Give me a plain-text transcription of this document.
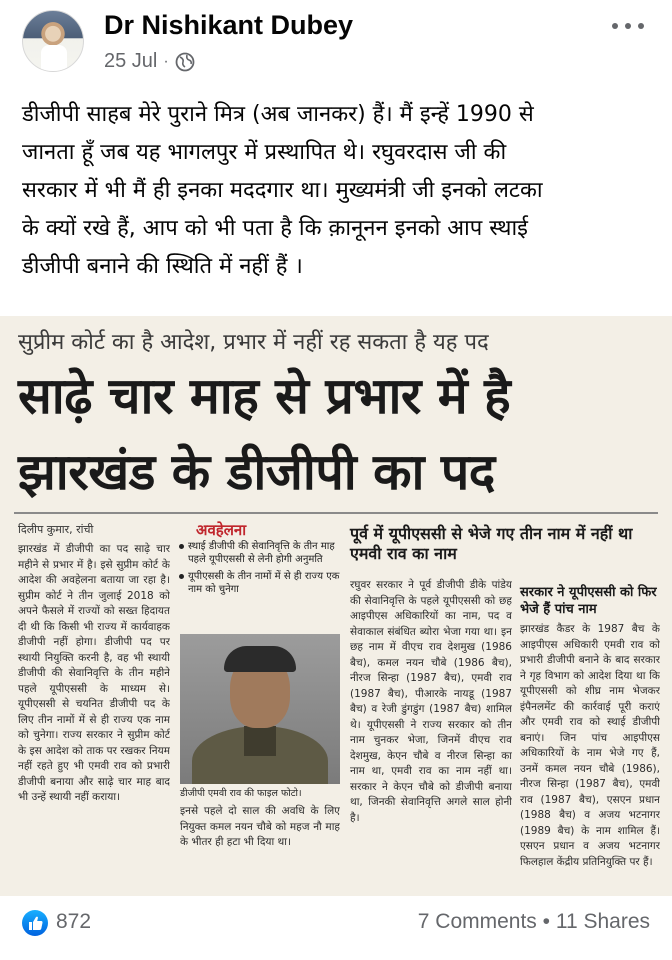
Dr Nishikant Dubey
25 Jul ·
डीजीपी साहब मेरे पुराने मित्र (अब जानकर) हैं। मैं इन्हें 1990 से
जानता हूँ जब यह भागलपुर में प्रस्थापित थे। रघुवरदास जी की
सरकार में भी मैं ही इनका मददगार था। मुख्यमंत्री जी इनको लटका
के क्यों रखे हैं, आप को भी पता है कि क़ानूनन इनको आप स्थाई
डीजीपी बनाने की स्थिति में नहीं हैं ।
सुप्रीम कोर्ट का है आदेश, प्रभार में नहीं रह सकता है यह पद
साढ़े चार माह से प्रभार में है
झारखंड के डीजीपी का पद
दिलीप कुमार, रांची
झारखंड में डीजीपी का पद साढ़े चार महीने से प्रभार में है। इसे सुप्रीम कोर्ट के आदेश की अवहेलना बताया जा रहा है। सुप्रीम कोर्ट ने तीन जुलाई 2018 को अपने फैसले में राज्यों को सख्त हिदायत दी थी कि किसी भी राज्य में कार्यवाहक डीजीपी नहीं होगा। डीजीपी पद पर स्थायी नियुक्ति करनी है, वह भी स्थायी डीजीपी की सेवानिवृत्ति के तीन महीने पहले यूपीएससी के माध्यम से। यूपीएससी से चयनित डीजीपी पद के लिए तीन नामों में से ही राज्य एक नाम को चुनेगा। राज्य सरकार ने सुप्रीम कोर्ट के इस आदेश को ताक पर रखकर नियम नहीं रहते हुए भी एमवी राव को प्रभारी डीजीपी बनाया और साढ़े चार माह बाद भी उन्हें स्थायी नहीं कराया।
अवहेलना
स्थाई डीजीपी की सेवानिवृत्ति के तीन माह पहले यूपीएससी से लेनी होगी अनुमति
यूपीएससी के तीन नामों में से ही राज्य एक नाम को चुनेगा
डीजीपी एमवी राव की फाइल फोटो।
इनसे पहले दो साल की अवधि के लिए नियुक्त कमल नयन चौबे को महज नौ माह के भीतर ही हटा भी दिया था।
पूर्व में यूपीएससी से भेजे गए तीन नाम में नहीं था एमवी राव का नाम
रघुवर सरकार ने पूर्व डीजीपी डीके पांडेय की सेवानिवृत्ति के पहले यूपीएससी को छह आइपीएस अधिकारियों का नाम, पद व सेवाकाल संबंधित ब्योरा भेजा गया था। इन छह नाम में वीएच राव देशमुख (1986 बैच), कमल नयन चौबे (1986 बैच), नीरज सिन्हा (1987 बैच), एमवी राव (1987 बैच), पीआरके नायडू (1987 बैच) व रेजी डुंगडुंग (1987 बैच) शामिल थे। यूपीएससी ने राज्य सरकार को तीन नाम चुनकर भेजा, जिनमें वीएच राव देशमुख, केएन चौबे व नीरज सिन्हा का नाम था, एमवी राव का नाम नहीं था। सरकार ने केएन चौबे को डीजीपी बनाया था, जिनकी सेवानिवृत्ति अगले साल होनी है।
सरकार ने यूपीएससी को फिर भेजे हैं पांच नाम
झारखंड कैडर के 1987 बैच के आइपीएस अधिकारी एमवी राव को प्रभारी डीजीपी बनाने के बाद सरकार ने गृह विभाग को आदेश दिया था कि यूपीएससी को शीघ्र नाम भेजकर इंपैनलमेंट की कार्रवाई पूरी कराएं और एमवी राव को स्थाई डीजीपी बनाएं। जिन पांच आइपीएस अधिकारियों के नाम भेजे गए हैं, उनमें कमल नयन चौबे (1986), नीरज सिन्हा (1987 बैच), एमवी राव (1987 बैच), एसएन प्रधान (1988 बैच) व अजय भटनागर (1989 बैच) के नाम शामिल हैं। एसएन प्रधान व अजय भटनागर फिलहाल केंद्रीय प्रतिनियुक्ति पर हैं।
872	7 Comments • 11 Shares
